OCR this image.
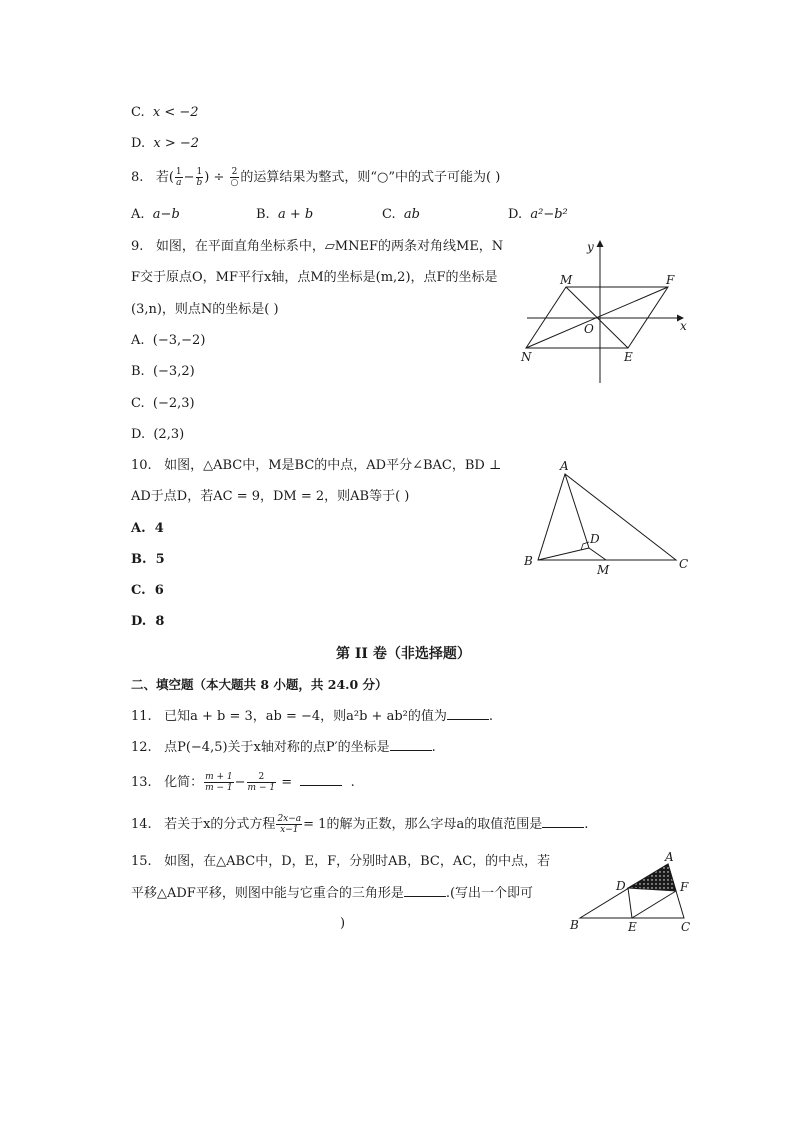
C. x < −2
D. x > −2
8. 若( $\frac{1}{a} - \frac{1}{b}$ ) ÷ $\frac{2}{○}$ 的运算结果为整式，则“○”中的式子可能为( )
A. a−b	B. a + b	C. ab	D. a²−b²
9. 如图，在平面直角坐标系中，▱MNEF的两条对角线ME，N
F交于原点O，MF平行x轴，点M的坐标是(m,2)，点F的坐标是
(3,n)，则点N的坐标是( )
A. (−3,−2)
B. (−3,2)
C. (−2,3)
D. (2,3)
y
x
M	F
O
N	E
10. 如图，△ABC中，M是BC的中点，AD平分∠BAC，BD ⊥
AD于点D，若AC = 9，DM = 2，则AB等于( )
A. 4
B. 5
C. 6
D. 8
A
B	C
D
M
第 II 卷（非选择题）
二、填空题（本大题共 8 小题，共 24.0 分）
11. 已知a + b = 3，ab = −4，则a²b + ab²的值为	.
12. 点P(−4,5)关于x轴对称的点P′的坐标是	.
13. 化简： $\frac{m + 1}{m - 1} - \frac{2}{m - 1}$ =	.
14. 若关于x的分式方程 $\frac{2x-a}{x-1} = 1$的解为正数，那么字母a的取值范围是	.
15. 如图，在△ABC中，D，E，F，分别时AB，BC，AC，的中点，若
平移△ADF平移，则图中能与它重合的三角形是	.(写出一个即可
)
A
B	C
D
E
F
